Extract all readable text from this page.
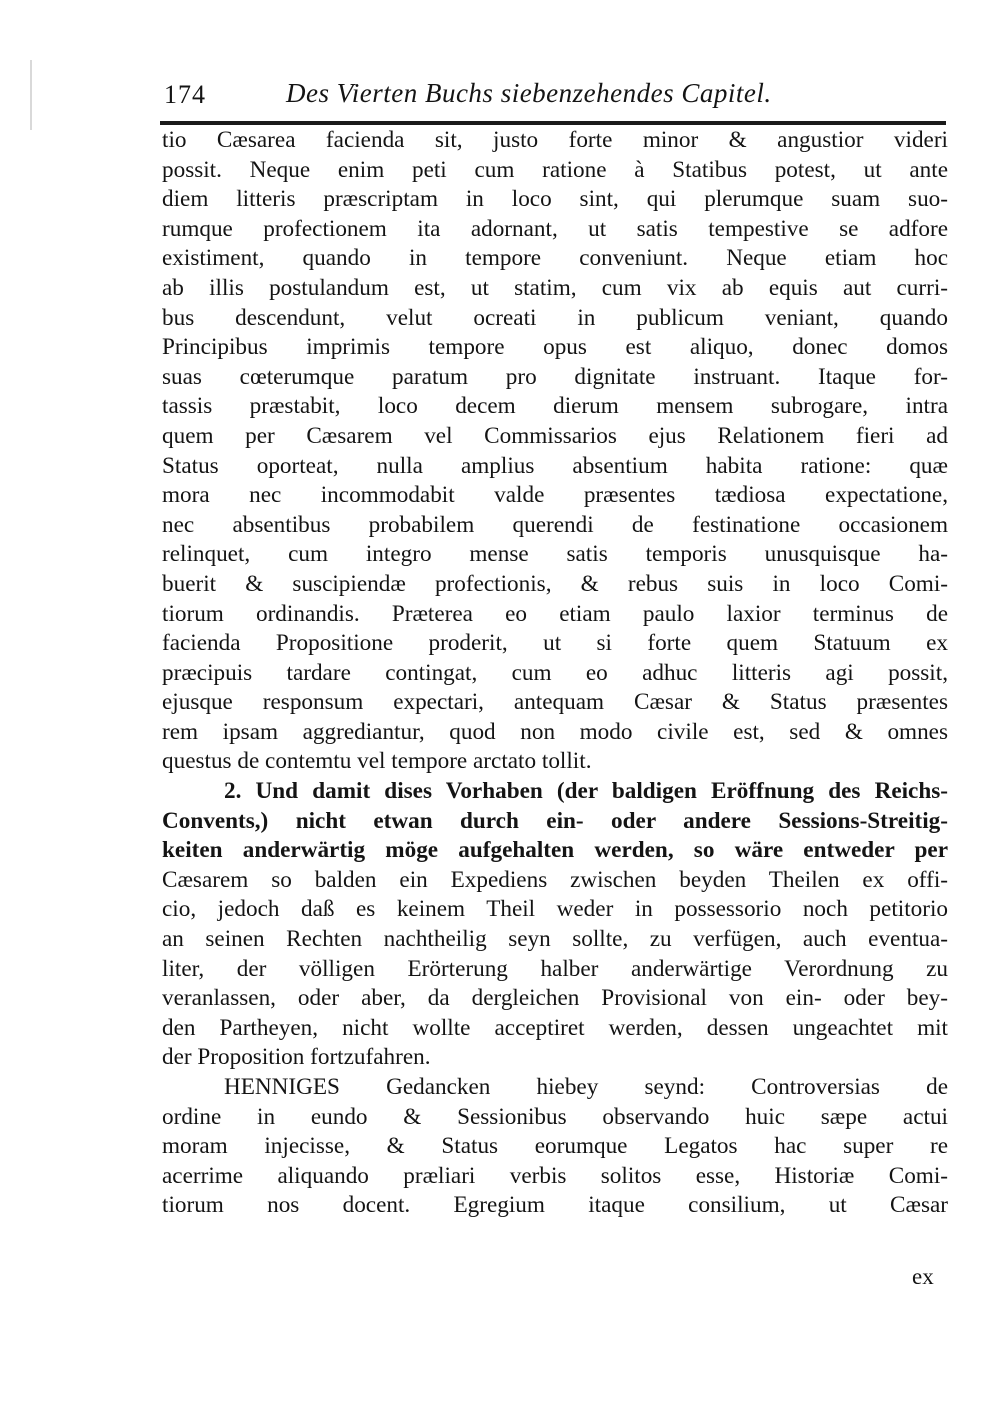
174	Des Vierten Buchs siebenzehendes Capitel.
tio Cæsarea facienda sit, justo forte minor & angustior videri
possit. Neque enim peti cum ratione à Statibus potest, ut ante
diem litteris præscriptam in loco sint, qui plerumque suam suo-
rumque profectionem ita adornant, ut satis tempestive se adfore
existiment, quando in tempore conveniunt. Neque etiam hoc
ab illis postulandum est, ut statim, cum vix ab equis aut curri-
bus descendunt, velut ocreati in publicum veniant, quando
Principibus imprimis tempore opus est aliquo, donec domos
suas cœterumque paratum pro dignitate instruant. Itaque for-
tassis præstabit, loco decem dierum mensem subrogare, intra
quem per Cæsarem vel Commissarios ejus Relationem fieri ad
Status oporteat, nulla amplius absentium habita ratione: quæ
mora nec incommodabit valde præsentes tædiosa expectatione,
nec absentibus probabilem querendi de festinatione occasionem
relinquet, cum integro mense satis temporis unusquisque ha-
buerit & suscipiendæ profectionis, & rebus suis in loco Comi-
tiorum ordinandis. Præterea eo etiam paulo laxior terminus de
facienda Propositione proderit, ut si forte quem Statuum ex
præcipuis tardare contingat, cum eo adhuc litteris agi possit,
ejusque responsum expectari, antequam Cæsar & Status præsentes
rem ipsam aggrediantur, quod non modo civile est, sed & omnes
questus de contemtu vel tempore arctato tollit.
2. Und damit dises Vorhaben (der baldigen Eröffnung des Reichs-
Convents,) nicht etwan durch ein- oder andere Sessions-Streitig-
keiten anderwärtig möge aufgehalten werden, so wäre entweder per
Cæsarem so balden ein Expediens zwischen beyden Theilen ex offi-
cio, jedoch daß es keinem Theil weder in possessorio noch petitorio
an seinen Rechten nachtheilig seyn sollte, zu verfügen, auch eventua-
liter, der völligen Erörterung halber anderwärtige Verordnung zu
veranlassen, oder aber, da dergleichen Provisional von ein- oder bey-
den Partheyen, nicht wollte acceptiret werden, dessen ungeachtet mit
der Proposition fortzufahren.
HENNIGES Gedancken hiebey seynd: Controversias de
ordine in eundo & Sessionibus observando huic sæpe actui
moram injecisse, & Status eorumque Legatos hac super re
acerrime aliquando præliari verbis solitos esse, Historiæ Comi-
tiorum nos docent. Egregium itaque consilium, ut Cæsar
ex
